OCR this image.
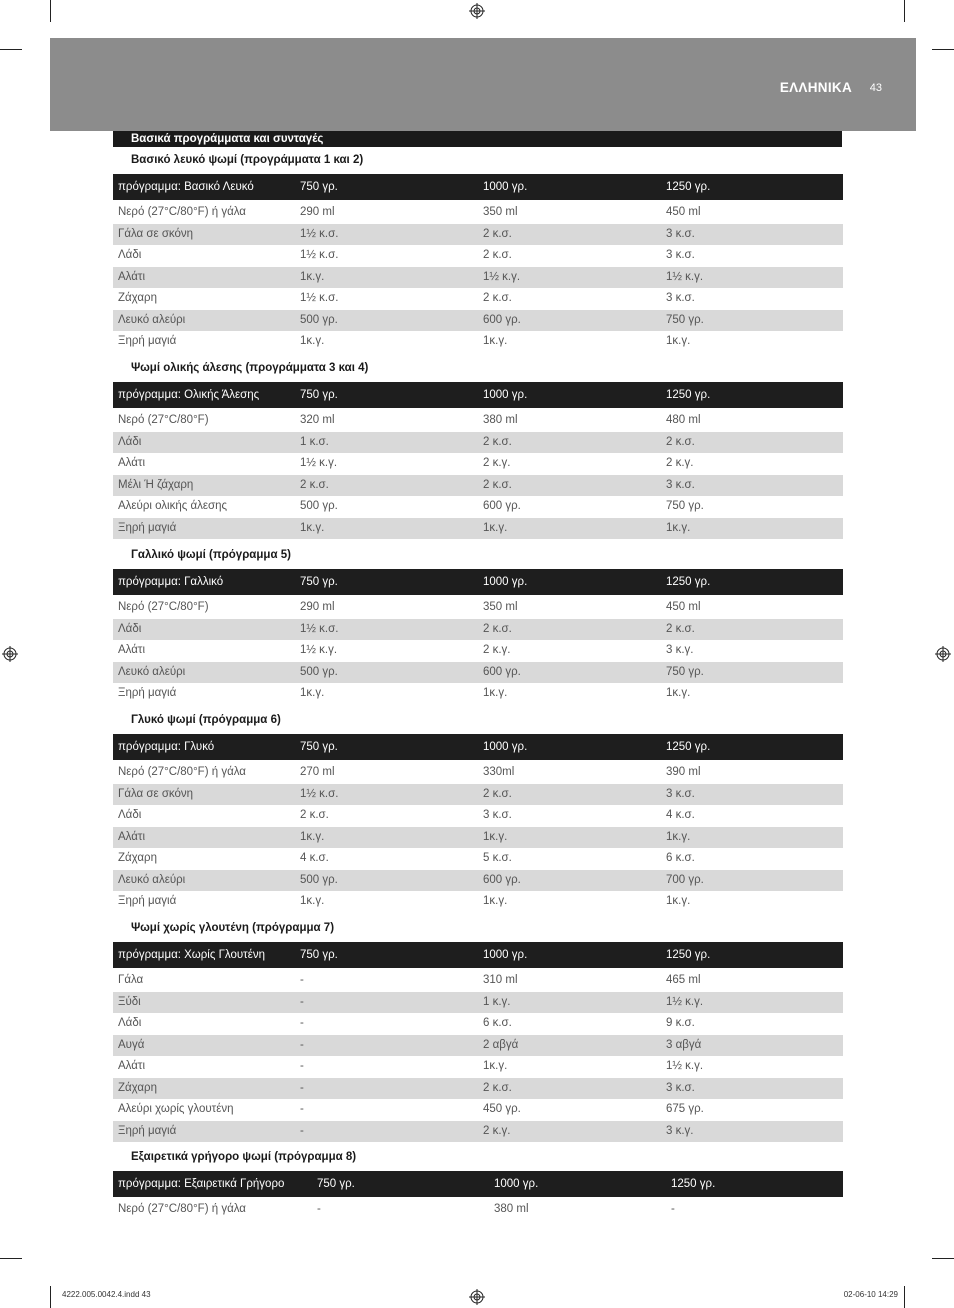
ΕΛΛΗΝΙΚΑ 43
Βασικά προγράμματα και συνταγές
Βασικό λευκό ψωμί (προγράμματα 1 και 2)
πρόγραμμα: Βασικό Λευκό	750 γρ.	1000 γρ.	1250 γρ.
Νερό (27°C/80°F) ή γάλα	290 ml	350 ml	450 ml
Γάλα σε σκόνη	1½ κ.σ.	2 κ.σ.	3 κ.σ.
Λάδι	1½ κ.σ.	2 κ.σ.	3 κ.σ.
Αλάτι	1κ.γ.	1½ κ.γ.	1½ κ.γ.
Ζάχαρη	1½ κ.σ.	2 κ.σ.	3 κ.σ.
Λευκό αλεύρι	500 γρ.	600 γρ.	750 γρ.
Ξηρή μαγιά	1κ.γ.	1κ.γ.	1κ.γ.
Ψωμί ολικής άλεσης (προγράμματα 3 και 4)
πρόγραμμα: Ολικής Άλεσης	750 γρ.	1000 γρ.	1250 γρ.
Νερό (27°C/80°F)	320 ml	380 ml	480 ml
Λάδι	1 κ.σ.	2 κ.σ.	2 κ.σ.
Αλάτι	1½ κ.γ.	2 κ.γ.	2 κ.γ.
Μέλι Ή ζάχαρη	2 κ.σ.	2 κ.σ.	3 κ.σ.
Αλεύρι ολικής άλεσης	500 γρ.	600 γρ.	750 γρ.
Ξηρή μαγιά	1κ.γ.	1κ.γ.	1κ.γ.
Γαλλικό ψωμί (πρόγραμμα 5)
πρόγραμμα: Γαλλικό	750 γρ.	1000 γρ.	1250 γρ.
Νερό (27°C/80°F)	290 ml	350 ml	450 ml
Λάδι	1½ κ.σ.	2 κ.σ.	2 κ.σ.
Αλάτι	1½ κ.γ.	2 κ.γ.	3 κ.γ.
Λευκό αλεύρι	500 γρ.	600 γρ.	750 γρ.
Ξηρή μαγιά	1κ.γ.	1κ.γ.	1κ.γ.
Γλυκό ψωμί (πρόγραμμα 6)
πρόγραμμα: Γλυκό	750 γρ.	1000 γρ.	1250 γρ.
Νερό (27°C/80°F) ή γάλα	270 ml	330ml	390 ml
Γάλα σε σκόνη	1½ κ.σ.	2 κ.σ.	3 κ.σ.
Λάδι	2 κ.σ.	3 κ.σ.	4 κ.σ.
Αλάτι	1κ.γ.	1κ.γ.	1κ.γ.
Ζάχαρη	4 κ.σ.	5 κ.σ.	6 κ.σ.
Λευκό αλεύρι	500 γρ.	600 γρ.	700 γρ.
Ξηρή μαγιά	1κ.γ.	1κ.γ.	1κ.γ.
Ψωμί χωρίς γλουτένη (πρόγραμμα 7)
πρόγραμμα: Χωρίς Γλουτένη	750 γρ.	1000 γρ.	1250 γρ.
Γάλα	-	310 ml	465 ml
Ξύδι	-	1 κ.γ.	1½ κ.γ.
Λάδι	-	6 κ.σ.	9 κ.σ.
Αυγά	-	2 αβγά	3 αβγά
Αλάτι	-	1κ.γ.	1½ κ.γ.
Ζάχαρη	-	2 κ.σ.	3 κ.σ.
Αλεύρι χωρίς γλουτένη	-	450 γρ.	675 γρ.
Ξηρή μαγιά	-	2 κ.γ.	3 κ.γ.
Εξαιρετικά γρήγορο ψωμί (πρόγραμμα 8)
πρόγραμμα: Εξαιρετικά Γρήγορο	750 γρ.	1000 γρ.	1250 γρ.
Νερό (27°C/80°F) ή γάλα	-	380 ml	-
4222.005.0042.4.indd 43	02-06-10 14:29
